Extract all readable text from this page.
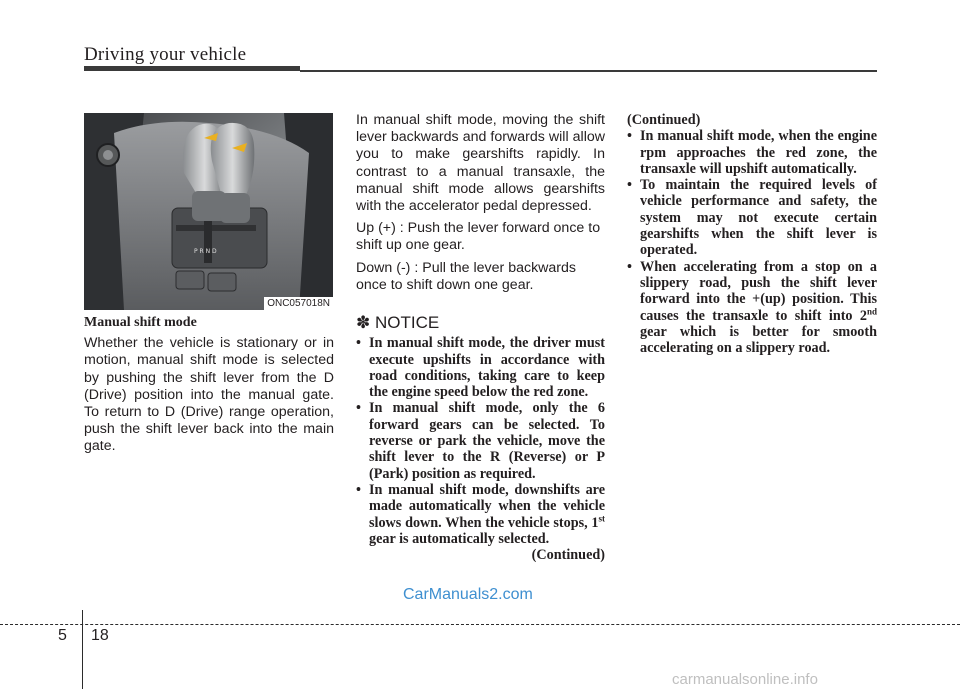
Driving your vehicle
P R N D
ONC057018N
Manual shift mode

Whether the vehicle is stationary or in motion, manual shift mode is selected by pushing the shift lever from the D (Drive) position into the manual gate. To return to D (Drive) range operation, push the shift lever back into the main gate.

In manual shift mode, moving the shift lever backwards and forwards will allow you to make gearshifts rapidly. In contrast to a manual transaxle, the manual shift mode allows gearshifts with the accelerator pedal depressed.

Up (+) : Push the lever forward once to shift up one gear.
Down (-) : Pull the lever backwards once to shift down one gear.
✽ NOTICE
• In manual shift mode, the driver must execute upshifts in accordance with road conditions, taking care to keep the engine speed below the red zone.
• In manual shift mode, only the 6 forward gears can be selected. To reverse or park the vehicle, move the shift lever to the R (Reverse) or P (Park) position as required.
• In manual shift mode, downshifts are made automatically when the vehicle slows down. When the vehicle stops, 1st gear is automatically selected.
(Continued)
(Continued)
• In manual shift mode, when the engine rpm approaches the red zone, the transaxle will upshift automatically.
• To maintain the required levels of vehicle performance and safety, the system may not execute certain gearshifts when the shift lever is operated.
• When accelerating from a stop on a slippery road, push the shift lever forward into the +(up) position. This causes the transaxle to shift into 2nd gear which is better for smooth accelerating on a slippery road.
CarManuals2.com
5 18
carmanualsonline.info
